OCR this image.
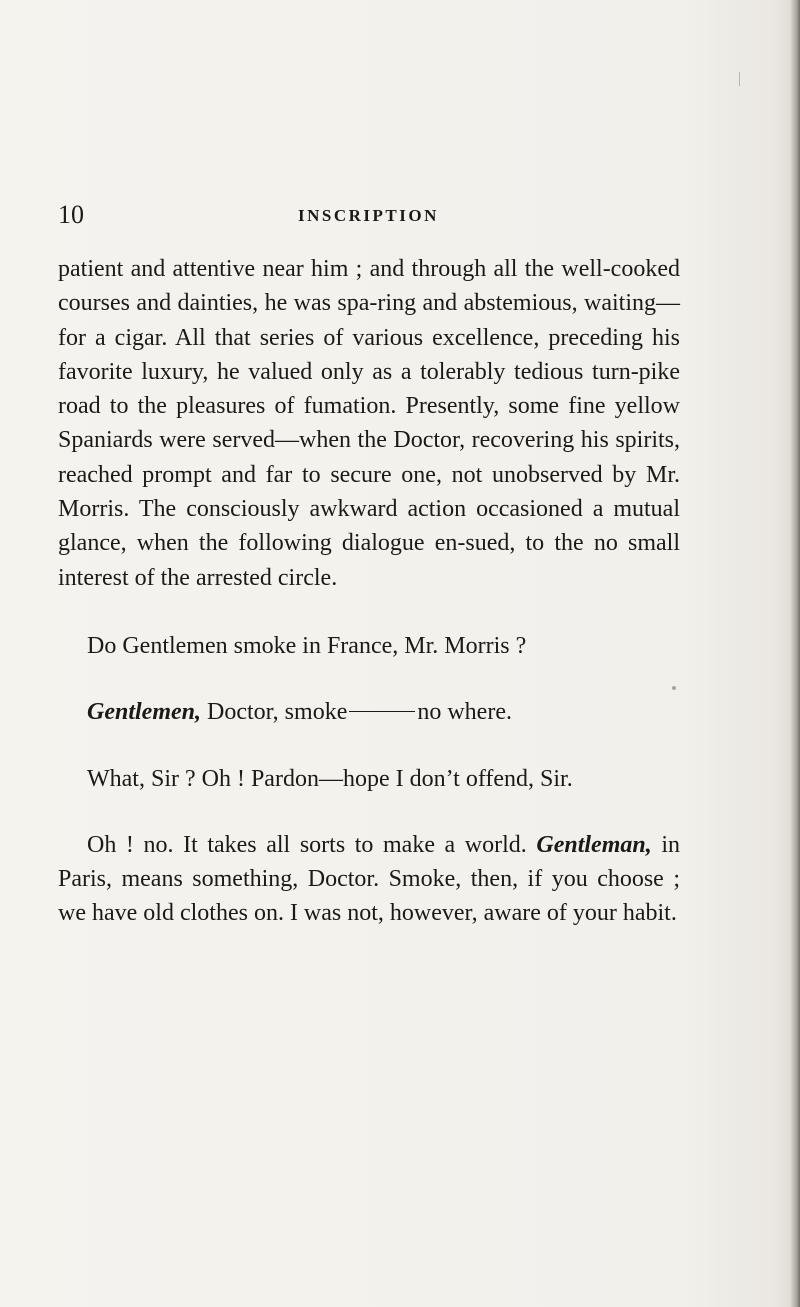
10	INSCRIPTION

patient and attentive near him ; and through all the well-cooked courses and dainties, he was spa-ring and abstemious, waiting—for a cigar. All that series of various excellence, preceding his favorite luxury, he valued only as a tolerably tedious turn-pike road to the pleasures of fumation. Presently, some fine yellow Spaniards were served—when the Doctor, recovering his spirits, reached prompt and far to secure one, not unobserved by Mr. Morris. The consciously awkward action occasioned a mutual glance, when the following dialogue en-sued, to the no small interest of the arrested circle.

Do Gentlemen smoke in France, Mr. Morris ?

Gentlemen, Doctor, smoke	no where.

What, Sir ? Oh ! Pardon—hope I don’t offend, Sir.

Oh ! no. It takes all sorts to make a world. Gentleman, in Paris, means something, Doctor. Smoke, then, if you choose ; we have old clothes on. I was not, however, aware of your habit.
